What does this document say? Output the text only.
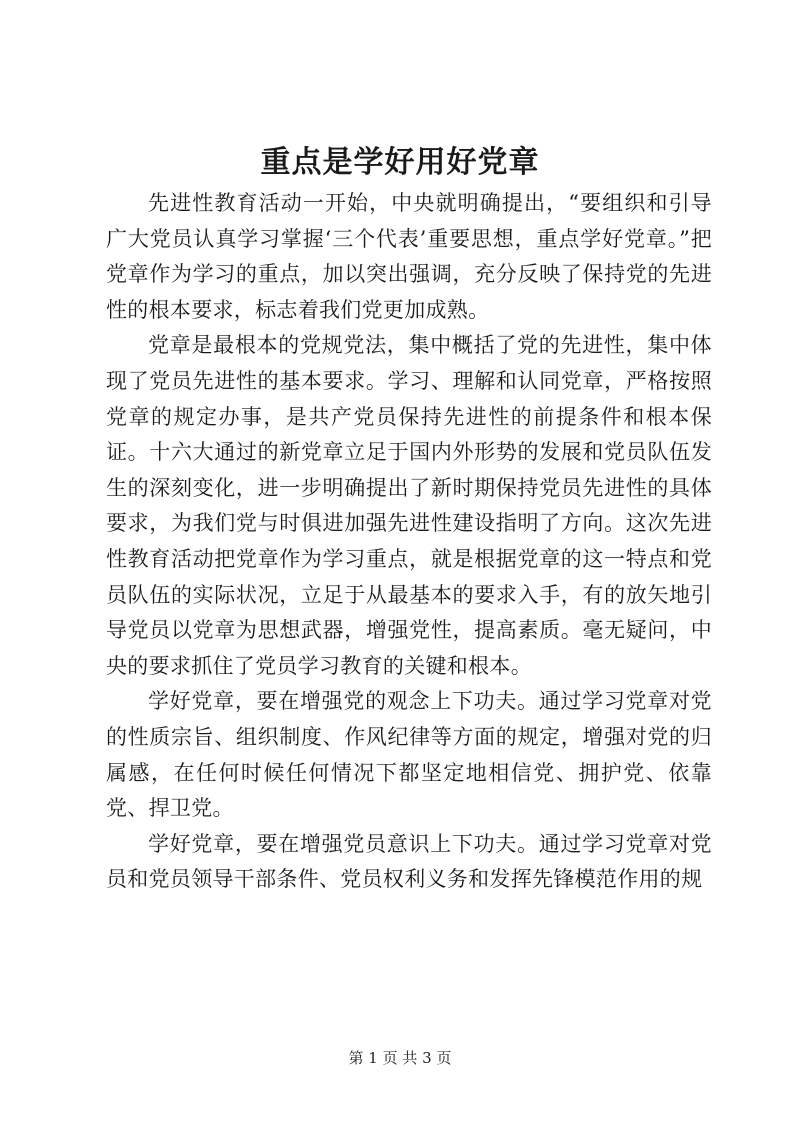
重点是学好用好党章

先进性教育活动一开始，中央就明确提出，“要组织和引导广大党员认真学习掌握‘三个代表’重要思想，重点学好党章。”把党章作为学习的重点，加以突出强调，充分反映了保持党的先进性的根本要求，标志着我们党更加成熟。

党章是最根本的党规党法，集中概括了党的先进性，集中体现了党员先进性的基本要求。学习、理解和认同党章，严格按照党章的规定办事，是共产党员保持先进性的前提条件和根本保证。十六大通过的新党章立足于国内外形势的发展和党员队伍发生的深刻变化，进一步明确提出了新时期保持党员先进性的具体要求，为我们党与时俱进加强先进性建设指明了方向。这次先进性教育活动把党章作为学习重点，就是根据党章的这一特点和党员队伍的实际状况，立足于从最基本的要求入手，有的放矢地引导党员以党章为思想武器，增强党性，提高素质。毫无疑问，中央的要求抓住了党员学习教育的关键和根本。

学好党章，要在增强党的观念上下功夫。通过学习党章对党的性质宗旨、组织制度、作风纪律等方面的规定，增强对党的归属感，在任何时候任何情况下都坚定地相信党、拥护党、依靠党、捍卫党。

学好党章，要在增强党员意识上下功夫。通过学习党章对党员和党员领导干部条件、党员权利义务和发挥先锋模范作用的规

第 1 页 共 3 页
